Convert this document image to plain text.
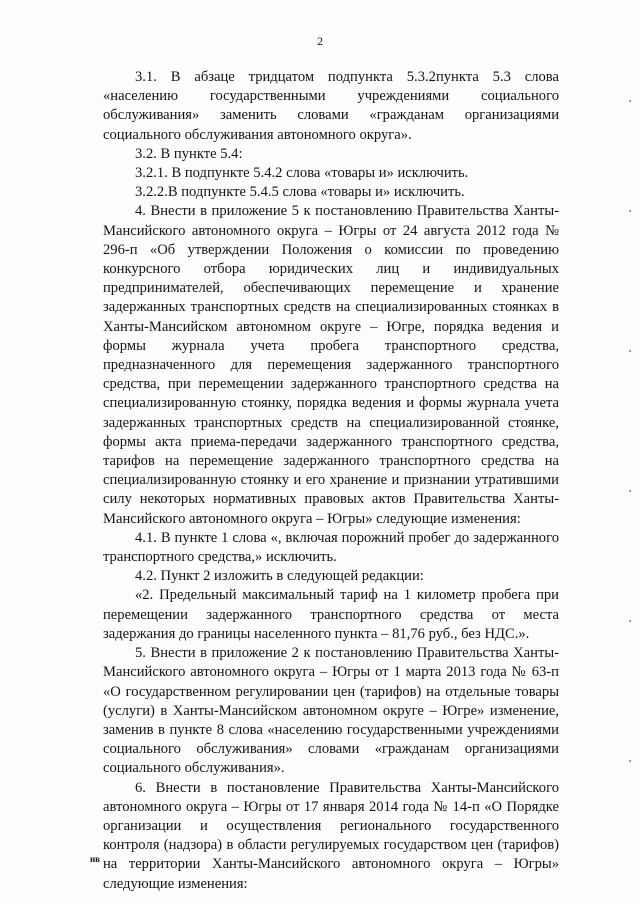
2

3.1. В абзаце тридцатом подпункта 5.3.2пункта 5.3 слова «населению государственными учреждениями социального обслуживания» заменить словами «гражданам организациями социального обслуживания автономного округа».

3.2. В пункте 5.4:

3.2.1. В подпункте 5.4.2 слова «товары и» исключить.

3.2.2.В подпункте 5.4.5 слова «товары и» исключить.

4. Внести в приложение 5 к постановлению Правительства Ханты-Мансийского автономного округа – Югры от 24 августа 2012 года № 296-п «Об утверждении Положения о комиссии по проведению конкурсного отбора юридических лиц и индивидуальных предпринимателей, обеспечивающих перемещение и хранение задержанных транспортных средств на специализированных стоянках в Ханты-Мансийском автономном округе – Югре, порядка ведения и формы журнала учета пробега транспортного средства, предназначенного для перемещения задержанного транспортного средства, при перемещении задержанного транспортного средства на специализированную стоянку, порядка ведения и формы журнала учета задержанных транспортных средств на специализированной стоянке, формы акта приема-передачи задержанного транспортного средства, тарифов на перемещение задержанного транспортного средства на специализированную стоянку и его хранение и признании утратившими силу некоторых нормативных правовых актов Правительства Ханты-Мансийского автономного округа – Югры» следующие изменения:

4.1. В пункте 1 слова «, включая порожний пробег до задержанного транспортного средства,» исключить.

4.2. Пункт 2 изложить в следующей редакции:

«2. Предельный максимальный тариф на 1 километр пробега при перемещении задержанного транспортного средства от места задержания до границы населенного пункта – 81,76 руб., без НДС.».

5. Внести в приложение 2 к постановлению Правительства Ханты-Мансийского автономного округа – Югры от 1 марта 2013 года № 63-п «О государственном регулировании цен (тарифов) на отдельные товары (услуги) в Ханты-Мансийском автономном округе – Югре» изменение, заменив в пункте 8 слова «населению государственными учреждениями социального обслуживания» словами «гражданам организациями социального обслуживания».

6. Внести в постановление Правительства Ханты-Мансийского автономного округа – Югры от 17 января 2014 года № 14-п «О Порядке организации и осуществления регионального государственного контроля (надзора) в области регулируемых государством цен (тарифов) на территории Ханты-Мансийского автономного округа – Югры» следующие изменения:

нв
